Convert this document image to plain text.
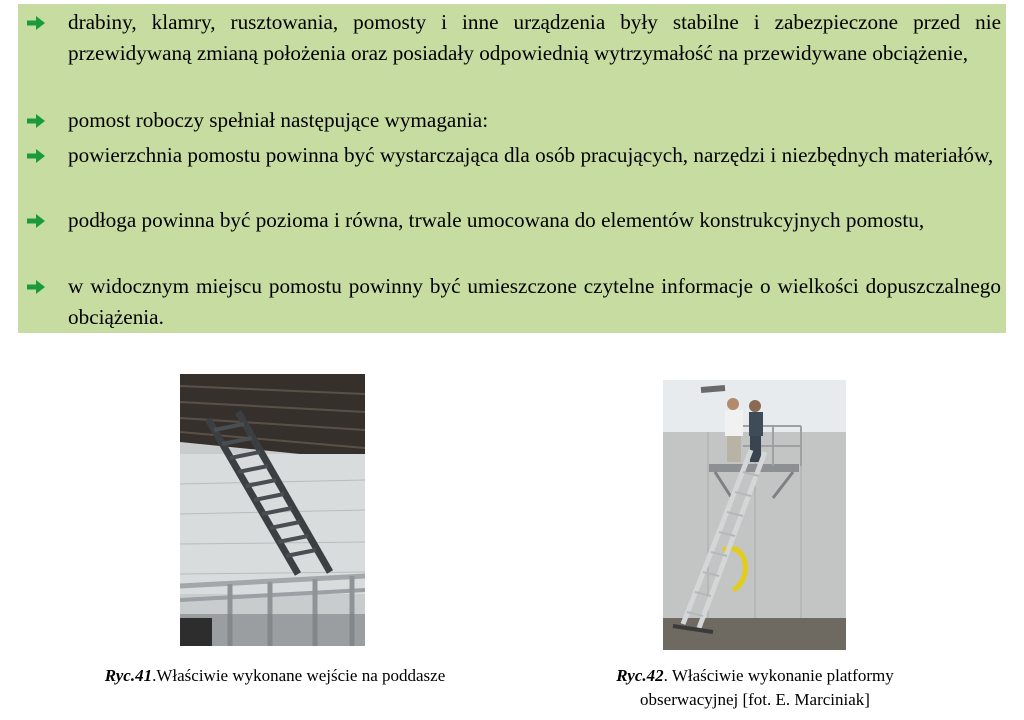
drabiny, klamry, rusztowania, pomosty i inne urządzenia były stabilne i zabezpieczone przed nie przewidywaną zmianą położenia oraz posiadały odpowiednią wytrzymałość na przewidywane obciążenie,
pomost roboczy spełniał następujące wymagania:
powierzchnia pomostu powinna być wystarczająca dla osób pracujących, narzędzi i niezbędnych materiałów,
podłoga powinna być pozioma i równa, trwale umocowana do elementów konstrukcyjnych pomostu,
w widocznym miejscu pomostu powinny być umieszczone czytelne informacje o wielkości dopuszczalnego obciążenia.
Ryc.41.Właściwie wykonane wejście na poddasze	Ryc.42. Właściwie wykonanie platformy
obserwacyjnej [fot. E. Marciniak]
